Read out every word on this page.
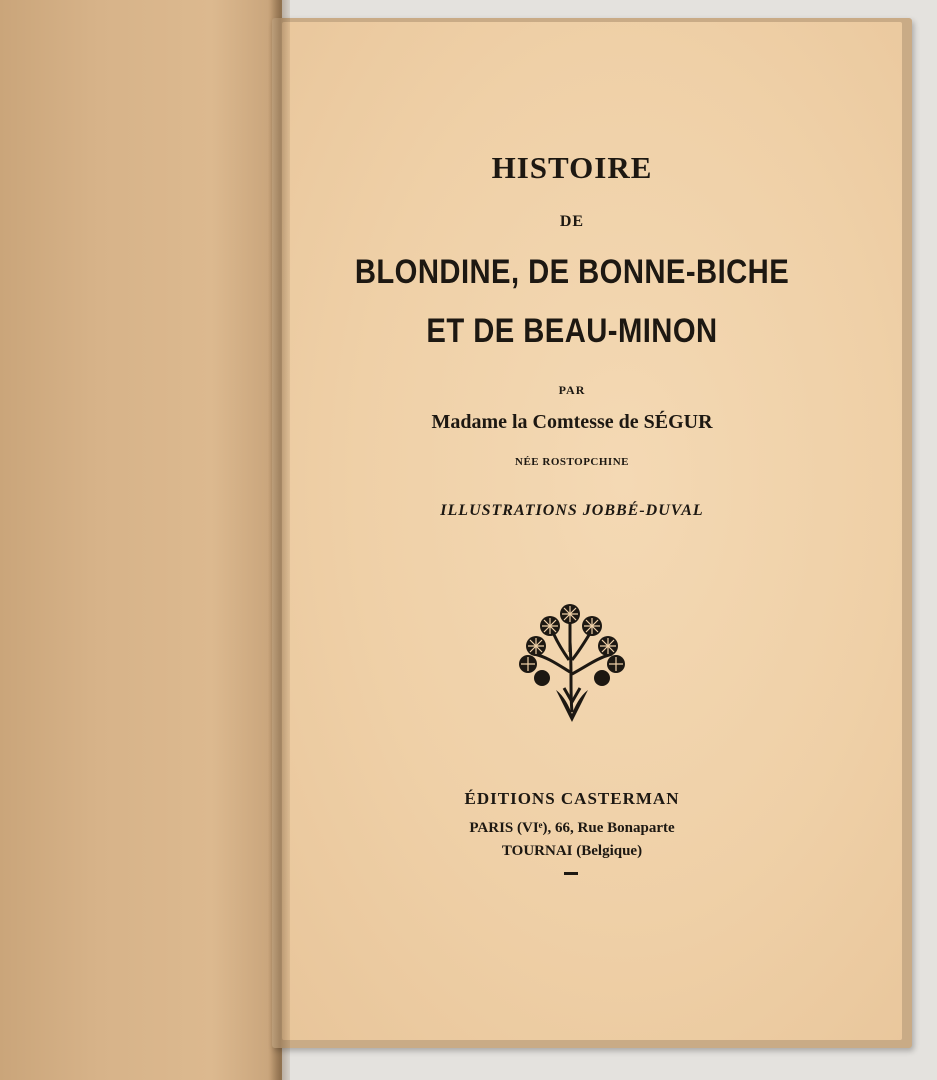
HISTOIRE
DE
BLONDINE, DE BONNE-BICHE
ET DE BEAU-MINON
PAR
Madame la Comtesse de SÉGUR
NÉE ROSTOPCHINE
ILLUSTRATIONS JOBBÉ-DUVAL
ÉDITIONS CASTERMAN
PARIS (VIᵉ), 66, Rue Bonaparte
TOURNAI (Belgique)
